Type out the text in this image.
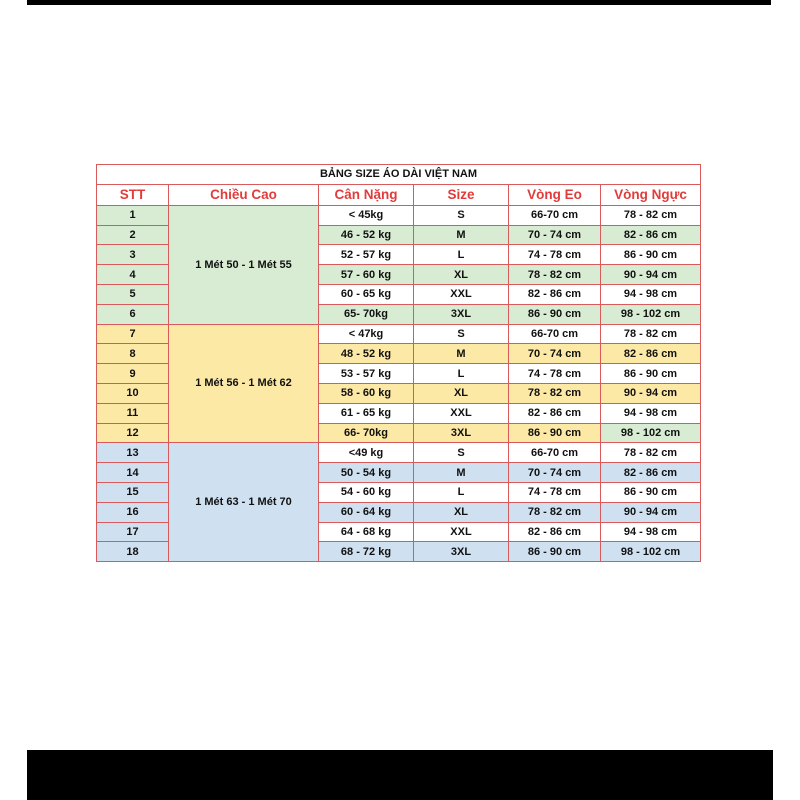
BẢNG SIZE ÁO DÀI VIỆT NAM					
STT	Chiều Cao	Cân Nặng	Size	Vòng Eo	Vòng Ngực
1	1 Mét 50 - 1 Mét 55	< 45kg	S	66-70 cm	78 - 82 cm
2		46 - 52 kg	M	70 - 74 cm	82 - 86 cm
3		52 - 57 kg	L	74 - 78 cm	86 - 90 cm
4		57 - 60 kg	XL	78 - 82 cm	90 - 94 cm
5		60 - 65 kg	XXL	82 - 86 cm	94 - 98 cm
6		65- 70kg	3XL	86 - 90 cm	98 - 102 cm
7	1 Mét 56 - 1 Mét 62	< 47kg	S	66-70 cm	78 - 82 cm
8		48 - 52 kg	M	70 - 74 cm	82 - 86 cm
9		53 - 57 kg	L	74 - 78 cm	86 - 90 cm
10		58 - 60 kg	XL	78 - 82 cm	90 - 94 cm
11		61 - 65 kg	XXL	82 - 86 cm	94 - 98 cm
12		66- 70kg	3XL	86 - 90 cm	98 - 102 cm
13	1 Mét 63 - 1 Mét 70	<49 kg	S	66-70 cm	78 - 82 cm
14		50 - 54 kg	M	70 - 74 cm	82 - 86 cm
15		54 - 60 kg	L	74 - 78 cm	86 - 90 cm
16		60 - 64 kg	XL	78 - 82 cm	90 - 94 cm
17		64 - 68 kg	XXL	82 - 86 cm	94 - 98 cm
18		68 - 72 kg	3XL	86 - 90 cm	98 - 102 cm
